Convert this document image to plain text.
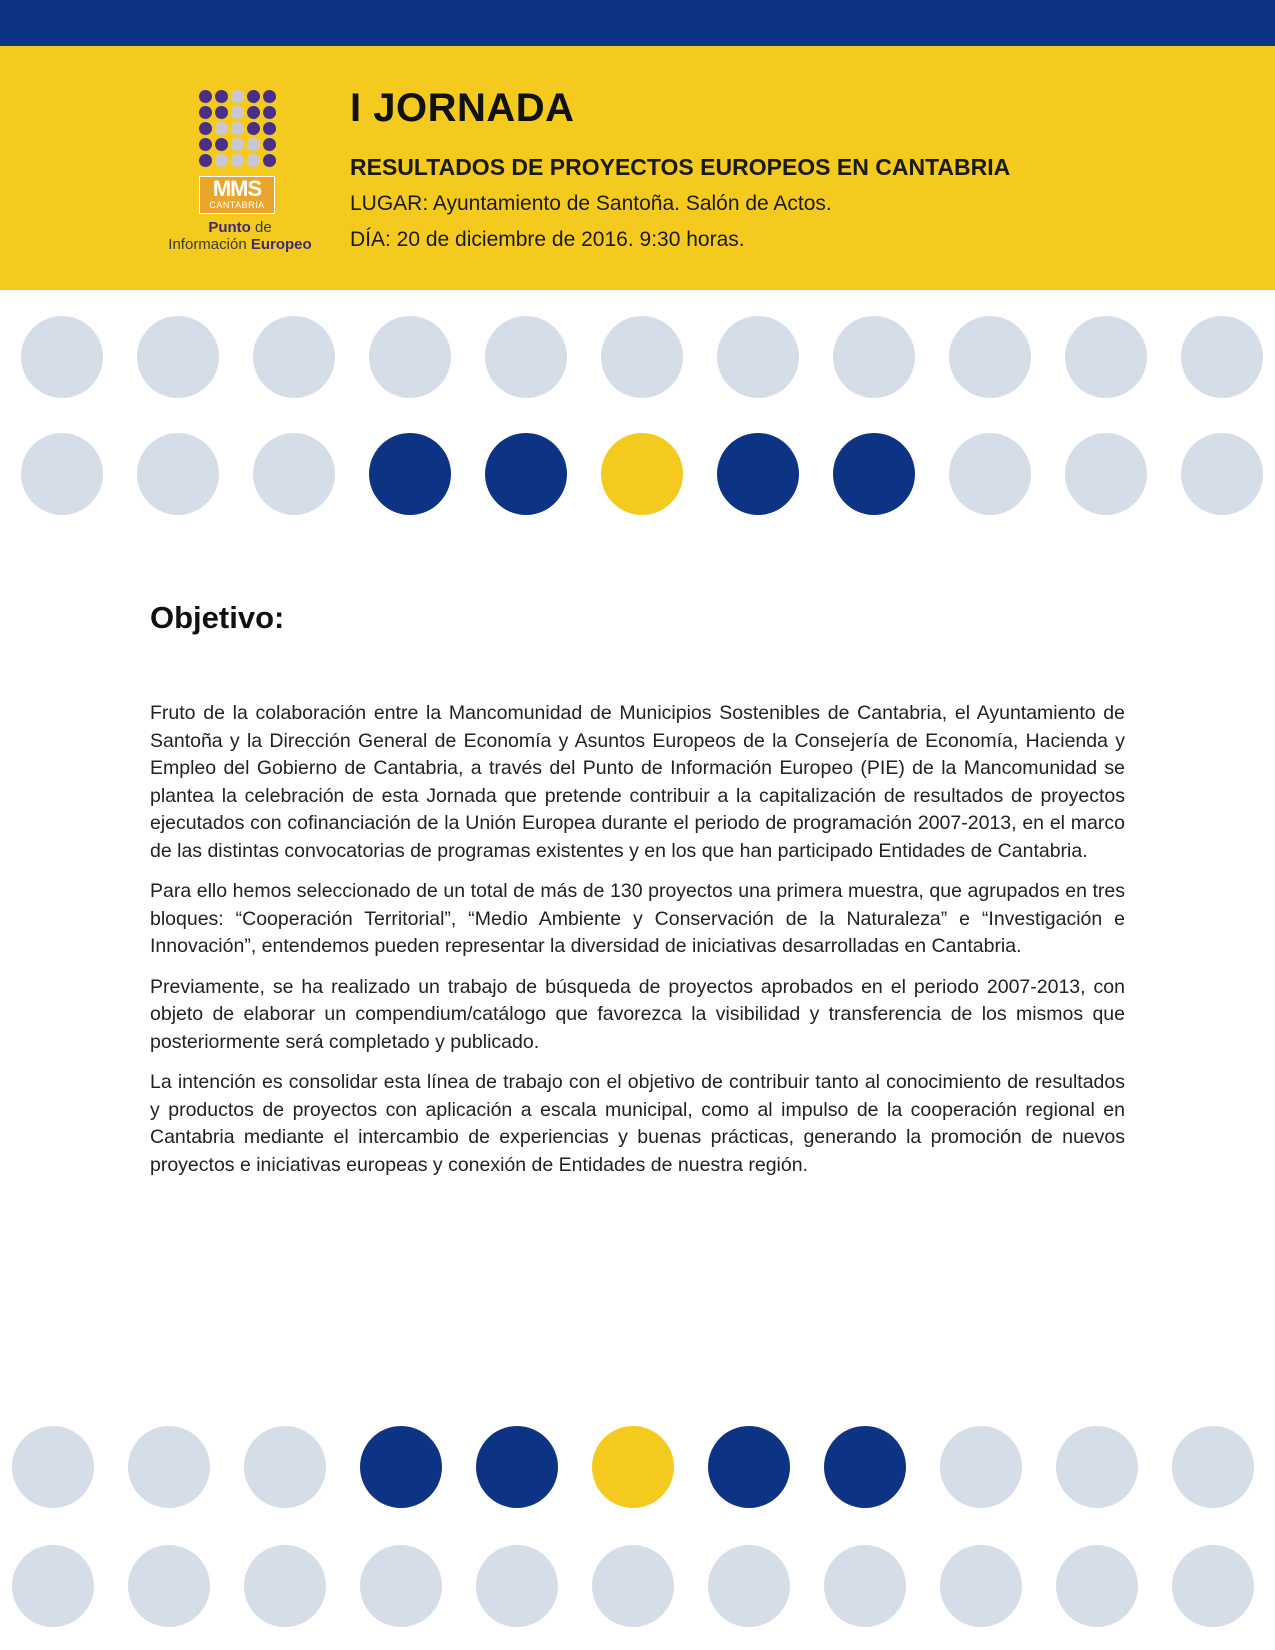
MMS
CANTABRIA
Punto de
Información Europeo
I JORNADA
RESULTADOS DE PROYECTOS EUROPEOS EN CANTABRIA
LUGAR: Ayuntamiento de Santoña. Salón de Actos.
DÍA: 20 de diciembre de 2016. 9:30 horas.
Objetivo:

Fruto de la colaboración entre la Mancomunidad de Municipios Sostenibles de Cantabria, el Ayuntamiento de Santoña y la Dirección General de Economía y Asuntos Europeos de la Consejería de Economía, Hacienda y Empleo del Gobierno de Cantabria, a través del Punto de Información Europeo (PIE) de la Mancomunidad se plantea la celebración de esta Jornada que pretende contribuir a la capitalización de resultados de proyectos ejecutados con cofinanciación de la Unión Europea durante el periodo de programación 2007-2013, en el marco de las distintas convocatorias de programas existentes y en los que han participado Entidades de Cantabria.

Para ello hemos seleccionado de un total de más de 130 proyectos una primera muestra, que agrupados en tres bloques: “Cooperación Territorial”, “Medio Ambiente y Conservación de la Naturaleza” e “Investigación e Innovación”, entendemos pueden representar la diversidad de iniciativas desarrolladas en Cantabria.

Previamente, se ha realizado un trabajo de búsqueda de proyectos aprobados en el periodo 2007-2013, con objeto de elaborar un compendium/catálogo que favorezca la visibilidad y transferencia de los mismos que posteriormente será completado y publicado.

La intención es consolidar esta línea de trabajo con el objetivo de contribuir tanto al conocimiento de resultados y productos de proyectos con aplicación a escala municipal, como al impulso de la cooperación regional en Cantabria mediante el intercambio de experiencias y buenas prácticas, generando la promoción de nuevos proyectos e iniciativas europeas y conexión de Entidades de nuestra región.
